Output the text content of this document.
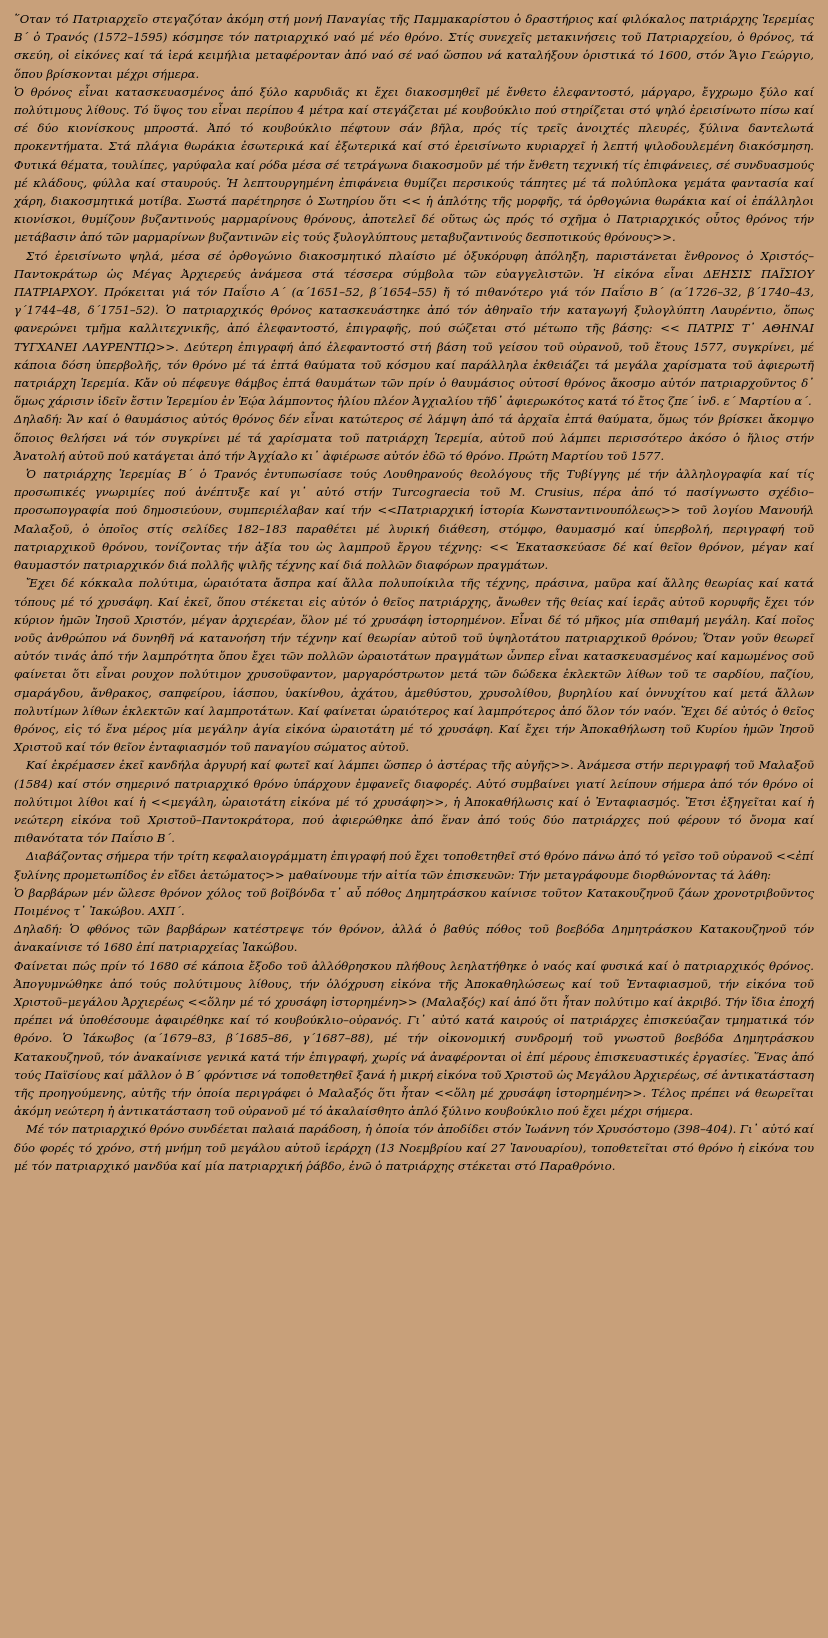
῞Οταν τό Πατριαρχεῖο στεγαζόταν ἀκόμη στή μονή Παναγίας τῆς Παμμακαρίστου ὁ δραστήριος καί φιλόκαλος πατριάρχης Ἱερεμίας Β΄ ὁ Τρανός (1572–1595) κόσμησε τόν πατριαρχικό ναό μέ νέο θρόνο. Στίς συνεχεῖς μετακινήσεις τοῦ Πατριαρχείου, ὁ θρόνος, τά σκεύη, οἱ εἰκόνες καί τά ἱερά κειμήλια μεταφέρονταν ἀπό ναό σέ ναό ὥσπου νά καταλήξουν ὁριστικά τό 1600, στόν Ἅγιο Γεώργιο, ὅπου βρίσκονται μέχρι σήμερα.

Ὁ θρόνος εἶναι κατασκευασμένος ἀπό ξύλο καρυδιᾶς κι ἔχει διακοσμηθεῖ μέ ἔνθετο ἐλεφαντοστό, μάργαρο, ἔγχρωμο ξύλο καί πολύτιμους λίθους. Τό ὕψος του εἶναι περίπου 4 μέτρα καί στεγάζεται μέ κουβούκλιο πού στηρίζεται στό ψηλό ἐρεισίνωτο πίσω καί σέ δύο κιονίσκους μπροστά. Ἀπό τό κουβούκλιο πέφτουν σάν βῆλα, πρός τίς τρεῖς ἀνοιχτές πλευρές, ξύλινα δαντελωτά προκεντήματα. Στά πλάγια θωράκια ἐσωτερικά καί ἐξωτερικά καί στό ἐρεισίνωτο κυριαρχεῖ ἡ λεπτή ψιλοδουλεμένη διακόσμηση. Φυτικά θέματα, τουλίπες, γαρύφαλα καί ρόδα μέσα σέ τετράγωνα διακοσμοῦν μέ τήν ἔνθετη τεχνική τίς ἐπιφάνειες, σέ συνδυασμούς μέ κλάδους, φύλλα καί σταυρούς. Ἡ λεπτουργημένη ἐπιφάνεια θυμίζει περσικούς τάπητες μέ τά πολύπλοκα γεμάτα φαντασία καί χάρη, διακοσμητικά μοτίβα. Σωστά παρέτηρησε ὁ Σωτηρίου ὅτι << ἡ ἁπλότης τῆς μορφῆς, τά ὀρθογώνια θωράκια καί οἱ ἐπάλληλοι κιονίσκοι, θυμίζουν βυζαντινούς μαρμαρίνους θρόνους, ἀποτελεῖ δέ οὕτως ὡς πρός τό σχῆμα ὁ Πατριαρχικός οὗτος θρόνος τήν μετάβασιν ἀπό τῶν μαρμαρίνων βυζαντινῶν εἰς τούς ξυλογλύπτους μεταβυζαντινούς δεσποτικούς θρόνους>>.

Στό ἐρεισίνωτο ψηλά, μέσα σέ ὀρθογώνιο διακοσμητικό πλαίσιο μέ ὀξυκόρυφη ἀπόληξη, παριστάνεται ἔνθρονος ὁ Χριστός–Παντοκράτωρ ὡς Μέγας Ἀρχιερεύς ἀνάμεσα στά τέσσερα σύμβολα τῶν εὐαγγελιστῶν. Ἡ εἰκόνα εἶναι ΔΕΗΣΙΣ ΠΑΪΣΙΟΥ ΠΑΤΡΙΑΡΧΟΥ. Πρόκειται γιά τόν Παΐσιο Α΄ (α΄1651–52, β΄1654–55) ἤ τό πιθανότερο γιά τόν Παΐσιο Β΄ (α΄1726–32, β΄1740–43, γ΄1744–48, δ΄1751–52). Ὁ πατριαρχικός θρόνος κατασκευάστηκε ἀπό τόν ἀθηναῖο τήν καταγωγή ξυλογλύπτη Λαυρέντιο, ὅπως φανερώνει τμῆμα καλλιτεχνικῆς, ἀπό ἐλεφαντοστό, ἐπιγραφῆς, πού σώζεται στό μέτωπο τῆς βάσης: << ΠΑΤΡΙΣ Τ᾽ ΑΘΗΝΑΙ ΤΥΓΧΑΝΕΙ ΛΑΥΡΕΝΤΙῼ>>. Δεύτερη ἐπιγραφή ἀπό ἐλεφαντοστό στή βάση τοῦ γείσου τοῦ οὐρανοῦ, τοῦ ἔτους 1577, συγκρίνει, μέ κάποια δόση ὑπερβολῆς, τόν θρόνο μέ τά ἑπτά θαύματα τοῦ κόσμου καί παράλληλα ἐκθειάζει τά μεγάλα χαρίσματα τοῦ ἀφιερωτῆ πατριάρχη Ἱερεμία. Κἄν οὐ πέφευγε θάμβος ἑπτά θαυμάτων τῶν πρίν ὁ θαυμάσιος οὑτοσί θρόνος ἄκοσμο αὐτόν πατριαρχοῦντος δ᾽ ὅμως χάρισιν ἰδεῖν ἔστιν Ἱερεμίου ἐν Ἑῴα λάμποντος ἡλίου πλέον Ἀγχιαλίου τῆδ᾽ ἀφιερωκότος κατά τό ἔτος ζπε΄ ἰνδ. ε΄ Μαρτίου α΄.

Δηλαδή: Ἄν καί ὁ θαυμάσιος αὐτός θρόνος δέν εἶναι κατώτερος σέ λάμψη ἀπό τά ἀρχαῖα ἑπτά θαύματα, ὅμως τόν βρίσκει ἄκομψο ὅποιος θελήσει νά τόν συγκρίνει μέ τά χαρίσματα τοῦ πατριάρχη Ἱερεμία, αὐτοῦ πού λάμπει περισσότερο ἀκόσο ὁ ἥλιος στήν Ἀνατολή αὐτοῦ πού κατάγεται ἀπό τήν Ἀγχίαλο κι᾽ ἀφιέρωσε αὐτόν ἐδῶ τό θρόνο. Πρώτη Μαρτίου τοῦ 1577.

Ὁ πατριάρχης Ἱερεμίας Β΄ ὁ Τρανός ἐντυπωσίασε τούς Λουθηρανούς θεολόγους τῆς Τυβίγγης μέ τήν ἀλληλογραφία καί τίς προσωπικές γνωριμίες πού ἀνέπτυξε καί γι᾽ αὐτό στήν Turcograecia τοῦ M. Crusius, πέρα ἀπό τό πασίγνωστο σχέδιο–προσωπογραφία πού δημοσιεύουν, συμπεριέλαβαν καί τήν <<Πατριαρχική ἱστορία Κωνσταντινουπόλεως>> τοῦ λογίου Μανουήλ Μαλαξοῦ, ὁ ὁποῖος στίς σελίδες 182–183 παραθέτει μέ λυρική διάθεση, στόμφο, θαυμασμό καί ὑπερβολή, περιγραφή τοῦ πατριαρχικοῦ θρόνου, τονίζοντας τήν ἀξία του ὡς λαμπροῦ ἔργου τέχνης: << Ἐκατασκεύασε δέ καί θεῖον θρόνον, μέγαν καί θαυμαστόν πατριαρχικόν διά πολλῆς ψιλῆς τέχνης καί διά πολλῶν διαφόρων πραγμάτων.

Ἔχει δέ κόκκαλα πολύτιμα, ὡραιότατα ἄσπρα καί ἄλλα πολυποίκιλα τῆς τέχνης, πράσινα, μαῦρα καί ἄλλης θεωρίας καί κατά τόπους μέ τό χρυσάφη. Καί ἐκεῖ, ὅπου στέκεται εἰς αὐτόν ὁ θεῖος πατριάρχης, ἄνωθεν τῆς θείας καί ἱερᾶς αὐτοῦ κορυφῆς ἔχει τόν κύριον ἡμῶν Ἰησοῦ Χριστόν, μέγαν ἀρχιερέαν, ὅλον μέ τό χρυσάφη ἱστορημένον. Εἶναι δέ τό μῆκος μία σπιθαμή μεγάλη. Καί ποῖος νοῦς ἀνθρώπου νά δυνηθῆ νά κατανοήση τήν τέχνην καί θεωρίαν αὐτοῦ τοῦ ὑψηλοτάτου πατριαρχικοῦ θρόνου; Ὅταν γοῦν θεωρεῖ αὐτόν τινάς ἀπό τήν λαμπρότητα ὅπου ἔχει τῶν πολλῶν ὡραιοτάτων πραγμάτων ὧνπερ εἶναι κατασκευασμένος καί καμωμένος σοῦ φαίνεται ὅτι εἶναι ρουχον πολύτιμον χρυσοϋφαντον, μαργαρόστρωτον μετά τῶν δώδεκα ἐκλεκτῶν λίθων τοῦ τε σαρδίου, παζίου, σμαράγδου, ἄνθρακος, σαπφείρου, ἰάσπου, ὑακίνθου, ἀχάτου, ἀμεθύστου, χρυσολίθου, βυρηλίου καί ὀννυχίτου καί μετά ἄλλων πολυτίμων λίθων ἐκλεκτῶν καί λαμπροτάτων. Καί φαίνεται ὡραιότερος καί λαμπρότερος ἀπό ὅλον τόν ναόν. Ἔχει δέ αὐτός ὁ θεῖος θρόνος, εἰς τό ἕνα μέρος μία μεγάλην ἁγία εἰκόνα ὡραιοτάτη μέ τό χρυσάφη. Καί ἔχει τήν Ἀποκαθήλωση τοῦ Κυρίου ἡμῶν Ἰησοῦ Χριστοῦ καί τόν θεῖον ἐνταφιασμόν τοῦ παναγίου σώματος αὐτοῦ.

Καί ἐκρέμασεν ἐκεῖ κανδήλα ἀργυρή καί φωτεῖ καί λάμπει ὥσπερ ὁ ἀστέρας τῆς αὐγῆς>>. Ἀνάμεσα στήν περιγραφή τοῦ Μαλαξοῦ (1584) καί στόν σημερινό πατριαρχικό θρόνο ὑπάρχουν ἐμφανεῖς διαφορές. Αὐτό συμβαίνει γιατί λείπουν σήμερα ἀπό τόν θρόνο οἱ πολύτιμοι λίθοι καί ἡ <<μεγάλη, ὡραιοτάτη εἰκόνα μέ τό χρυσάφη>>, ἡ Ἀποκαθήλωσις καί ὁ Ἐνταφιασμός. Ἔτσι ἐξηγεῖται καί ἡ νεώτερη εἰκόνα τοῦ Χριστοῦ–Παντοκράτορα, πού ἀφιερώθηκε ἀπό ἕναν ἀπό τούς δύο πατριάρχες πού φέρουν τό ὄνομα καί πιθανότατα τόν Παΐσιο Β΄.

Διαβάζοντας σήμερα τήν τρίτη κεφαλαιογράμματη ἐπιγραφή πού ἔχει τοποθετηθεῖ στό θρόνο πάνω ἀπό τό γεῖσο τοῦ οὐρανοῦ <<ἐπί ξυλίνης προμετωπίδος ἐν εἴδει ἀετώματος>> μαθαίνουμε τήν αἰτία τῶν ἐπισκευῶν: Τήν μεταγράφουμε διορθώνοντας τά λάθη:

Ὁ βαρβάρων μέν ὤλεσε θρόνον χόλος τοῦ βοϊβόνδα τ᾽ αὖ πόθος Δημητράσκου καίνισε τοῦτον Κατακουζηνοῦ ζάων χρονοτριβοῦντος Ποιμένος τ᾽ Ἰακώβου. ΑΧΠ΄.

Δηλαδή: Ὁ φθόνος τῶν βαρβάρων κατέστρεψε τόν θρόνον, ἀλλά ὁ βαθύς πόθος τοῦ βοεβόδα Δημητράσκου Κατακουζηνοῦ τόν ἀνακαίνισε τό 1680 ἐπί πατριαρχείας Ἰακώβου.

Φαίνεται πώς πρίν τό 1680 σέ κάποια ἔξοδο τοῦ ἀλλόθρησκου πλήθους λεηλατήθηκε ὁ ναός καί φυσικά καί ὁ πατριαρχικός θρόνος. Ἀπογυμνώθηκε ἀπό τούς πολύτιμους λίθους, τήν ὁλόχρυση εἰκόνα τῆς Ἀποκαθηλώσεως καί τοῦ Ἐνταφιασμοῦ, τήν εἰκόνα τοῦ Χριστοῦ–μεγάλου Ἀρχιερέως <<ὅλην μέ τό χρυσάφη ἱστορημένη>> (Μαλαξός) καί ἀπό ὅτι ἦταν πολύτιμο καί ἀκριβό. Τήν ἴδια ἐποχή πρέπει νά ὑποθέσουμε ἀφαιρέθηκε καί τό κουβούκλιο–οὐρανός. Γι᾽ αὐτό κατά καιρούς οἱ πατριάρχες ἐπισκεύαζαν τμηματικά τόν θρόνο. Ὁ Ἰάκωβος (α΄1679–83, β΄1685–86, γ΄1687–88), μέ τήν οἰκονομική συνδρομή τοῦ γνωστοῦ βοεβόδα Δημητράσκου Κατακουζηνοῦ, τόν ἀνακαίνισε γενικά κατά τήν ἐπιγραφή, χωρίς νά ἀναφέρονται οἱ ἐπί μέρους ἐπισκευαστικές ἐργασίες. Ἕνας ἀπό τούς Παϊσίους καί μᾶλλον ὁ Β΄ φρόντισε νά τοποθετηθεῖ ξανά ἡ μικρή εἰκόνα τοῦ Χριστοῦ ὡς Μεγάλου Ἀρχιερέως, σέ ἀντικατάσταση τῆς προηγούμενης, αὐτῆς τήν ὁποία περιγράφει ὁ Μαλαξός ὅτι ἦταν <<ὅλη μέ χρυσάφη ἱστορημένη>>. Τέλος πρέπει νά θεωρεῖται ἀκόμη νεώτερη ἡ ἀντικατάσταση τοῦ οὐρανοῦ μέ τό ἀκαλαίσθητο ἁπλό ξύλινο κουβούκλιο πού ἔχει μέχρι σήμερα.

Μέ τόν πατριαρχικό θρόνο συνδέεται παλαιά παράδοση, ἡ ὁποία τόν ἀποδίδει στόν Ἰωάννη τόν Χρυσόστομο (398–404). Γι᾽ αὐτό καί δύο φορές τό χρόνο, στή μνήμη τοῦ μεγάλου αὐτοῦ ἱεράρχη (13 Νοεμβρίου καί 27 Ἰανουαρίου), τοποθετεῖται στό θρόνο ἡ εἰκόνα του μέ τόν πατριαρχικό μανδύα καί μία πατριαρχική ῥάβδο, ἐνῶ ὁ πατριάρχης στέκεται στό Παραθρόνιο.
